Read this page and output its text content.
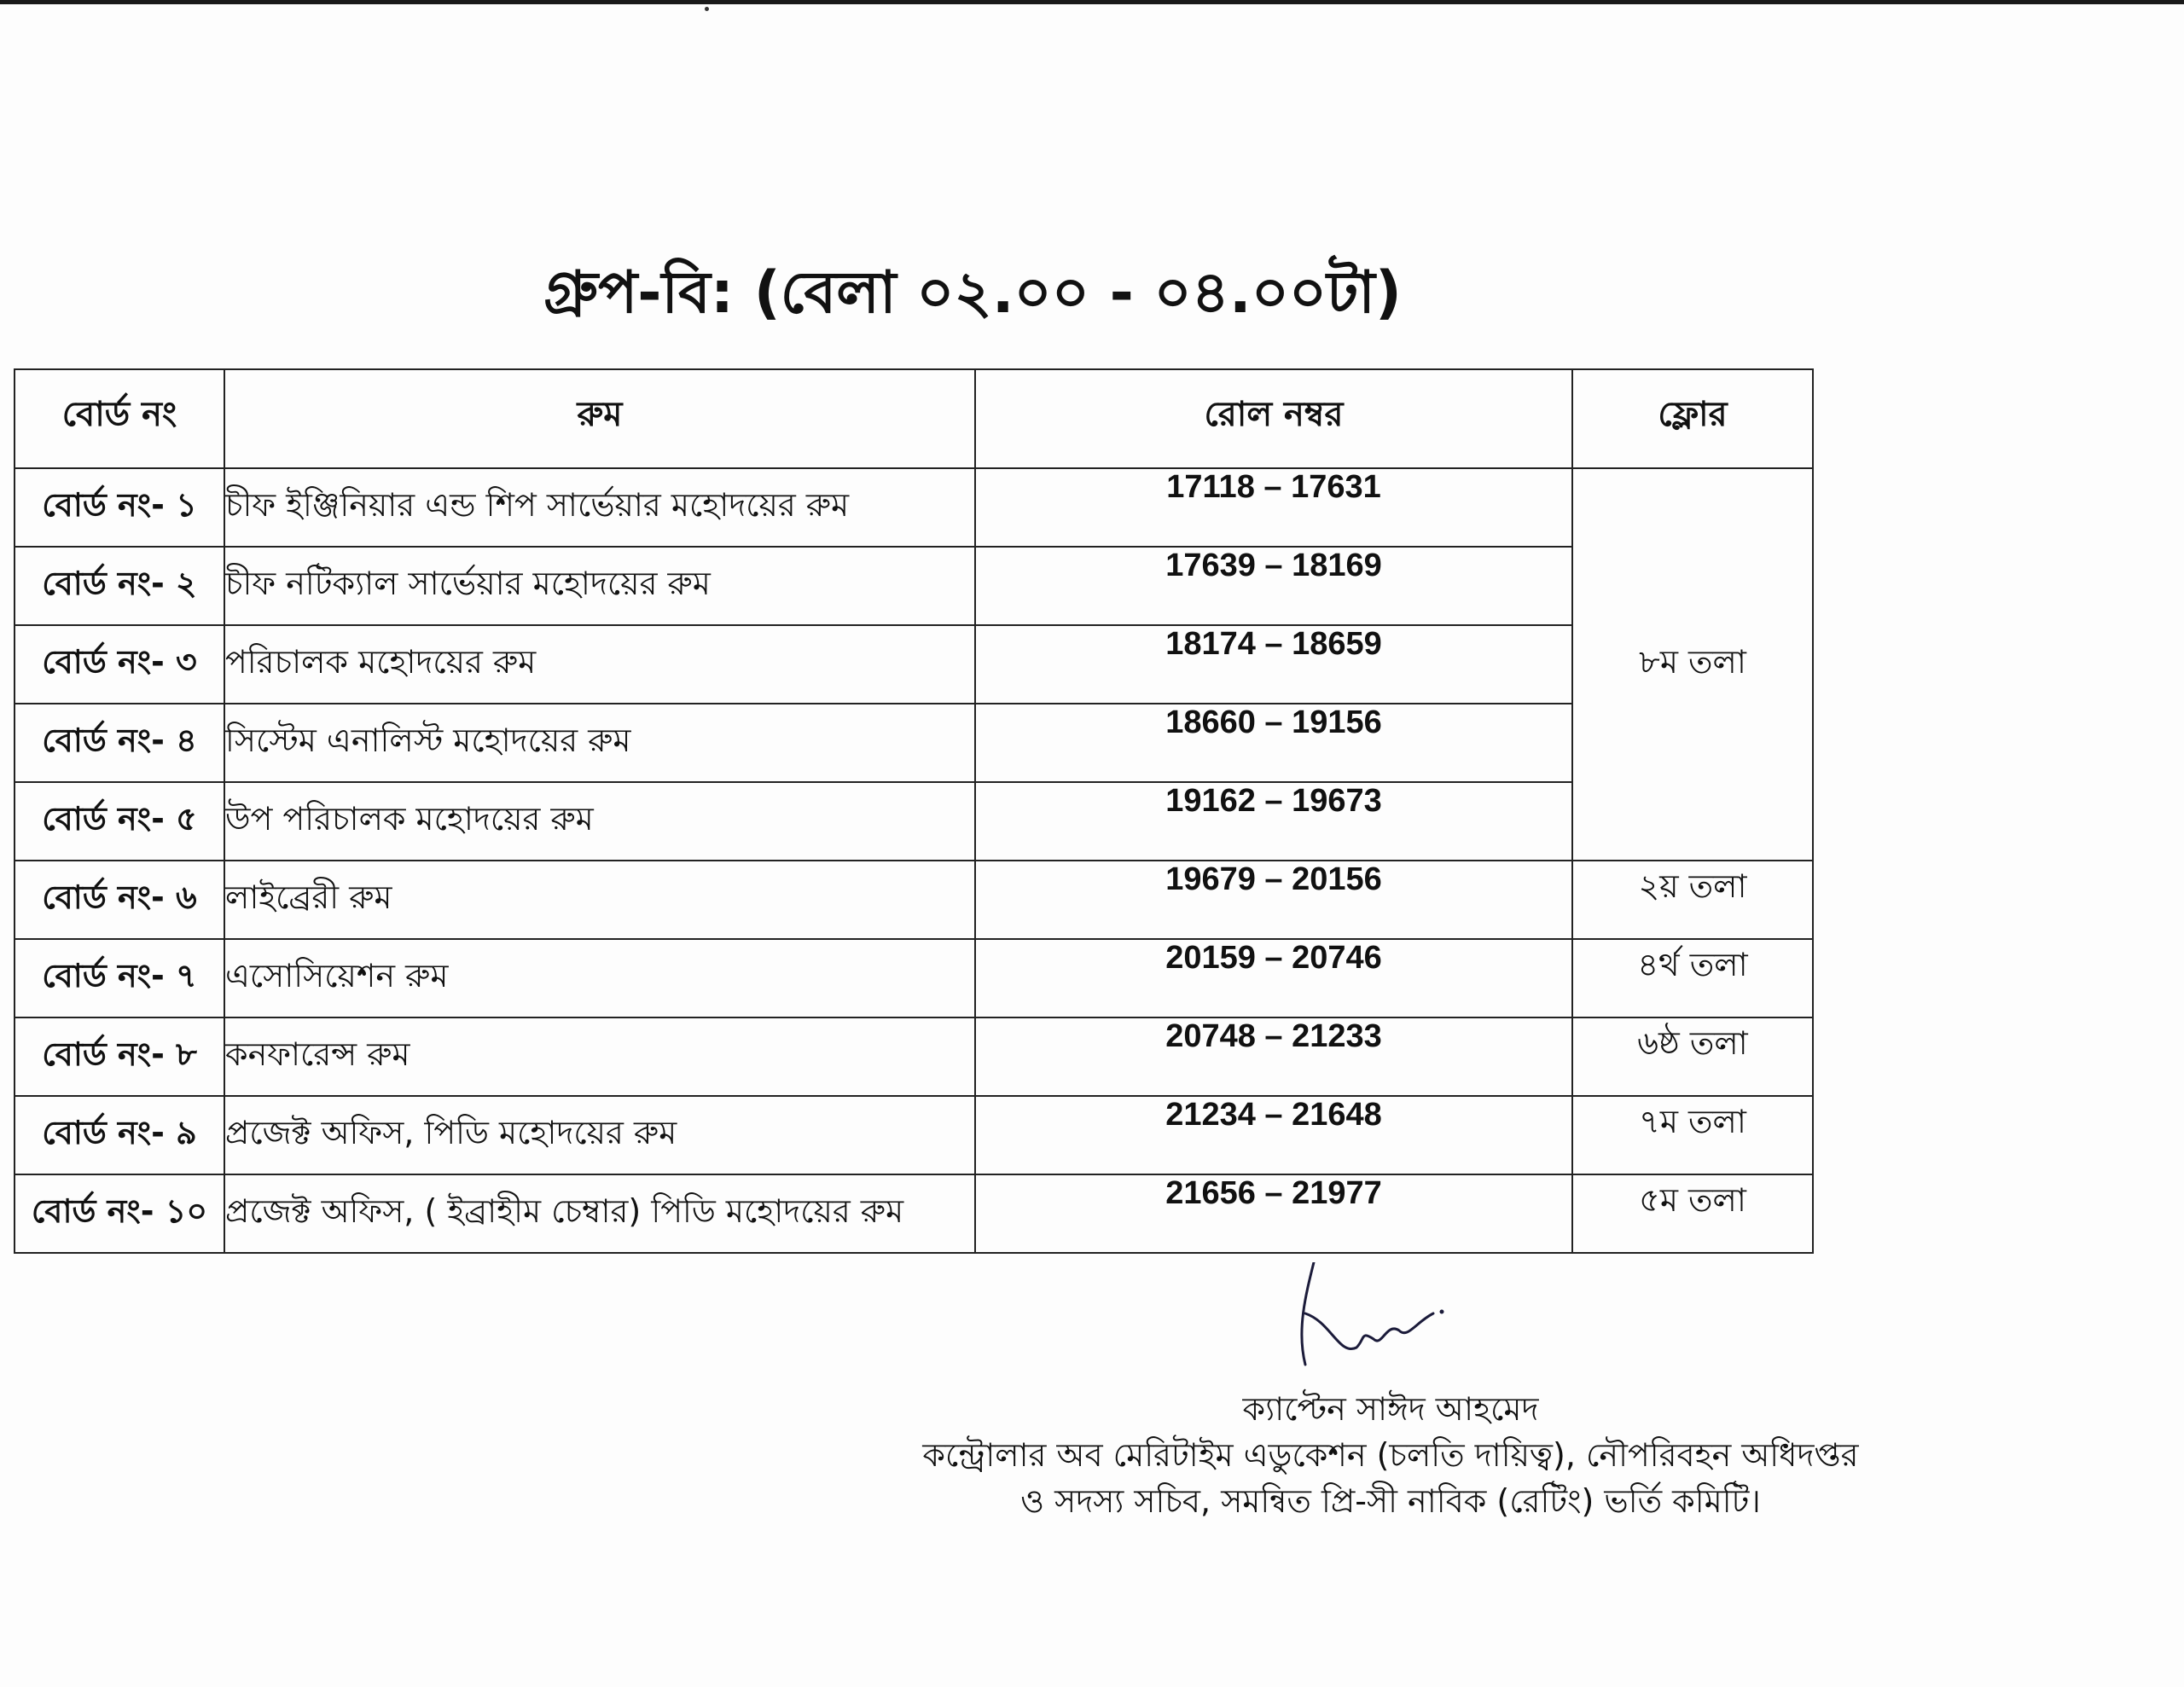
গ্রুপ-বি: (বেলা ০২.০০ - ০৪.০০টা)
বোর্ড নং	রুম	রোল নম্বর	ফ্লোর
বোর্ড নং- ১	চীফ ইঞ্জিনিয়ার এন্ড শিপ সার্ভেয়ার মহোদয়ের রুম	17118 – 17631	৮ম তলা
বোর্ড নং- ২	চীফ নটিক্যাল সার্ভেয়ার মহোদয়ের রুম	17639 – 18169	
বোর্ড নং- ৩	পরিচালক মহোদয়ের রুম	18174 – 18659	
বোর্ড নং- ৪	সিস্টেম এনালিস্ট মহোদয়ের রুম	18660 – 19156	
বোর্ড নং- ৫	উপ পরিচালক মহোদয়ের রুম	19162 – 19673	
বোর্ড নং- ৬	লাইব্রেরী রুম	19679 – 20156	২য় তলা
বোর্ড নং- ৭	এসোসিয়েশন রুম	20159 – 20746	৪র্থ তলা
বোর্ড নং- ৮	কনফারেন্স রুম	20748 – 21233	৬ষ্ঠ তলা
বোর্ড নং- ৯	প্রজেক্ট অফিস, পিডি মহোদয়ের রুম	21234 – 21648	৭ম তলা
বোর্ড নং- ১০	প্রজেক্ট অফিস, ( ইব্রাহীম চেম্বার) পিডি মহোদয়ের রুম	21656 – 21977	৫ম তলা
ক্যাপ্টেন সাঈদ আহমেদ
কন্ট্রোলার অব মেরিটাইম এডুকেশন (চলতি দায়িত্ব), নৌপরিবহন অধিদপ্তর
ও সদস্য সচিব, সমন্বিত প্রি-সী নাবিক (রেটিং) ভর্তি কমিটি।
